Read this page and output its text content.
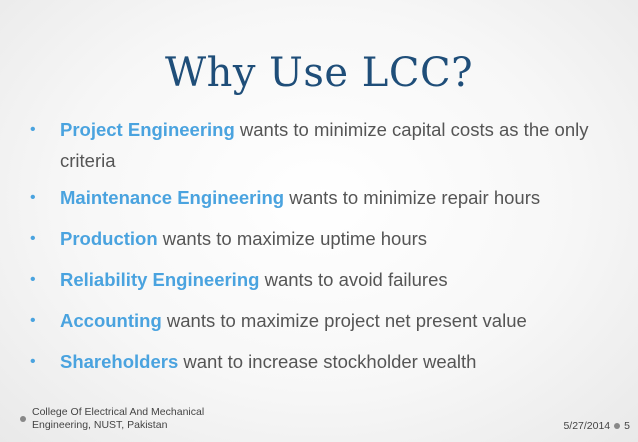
Why Use LCC?
• Project Engineering wants to minimize capital costs as the only criteria
• Maintenance Engineering wants to minimize repair hours
• Production wants to maximize uptime hours
• Reliability Engineering wants to avoid failures
• Accounting wants to maximize project net present value
• Shareholders want to increase stockholder wealth
College Of Electrical And Mechanical
Engineering, NUST, Pakistan	5/27/2014 5
